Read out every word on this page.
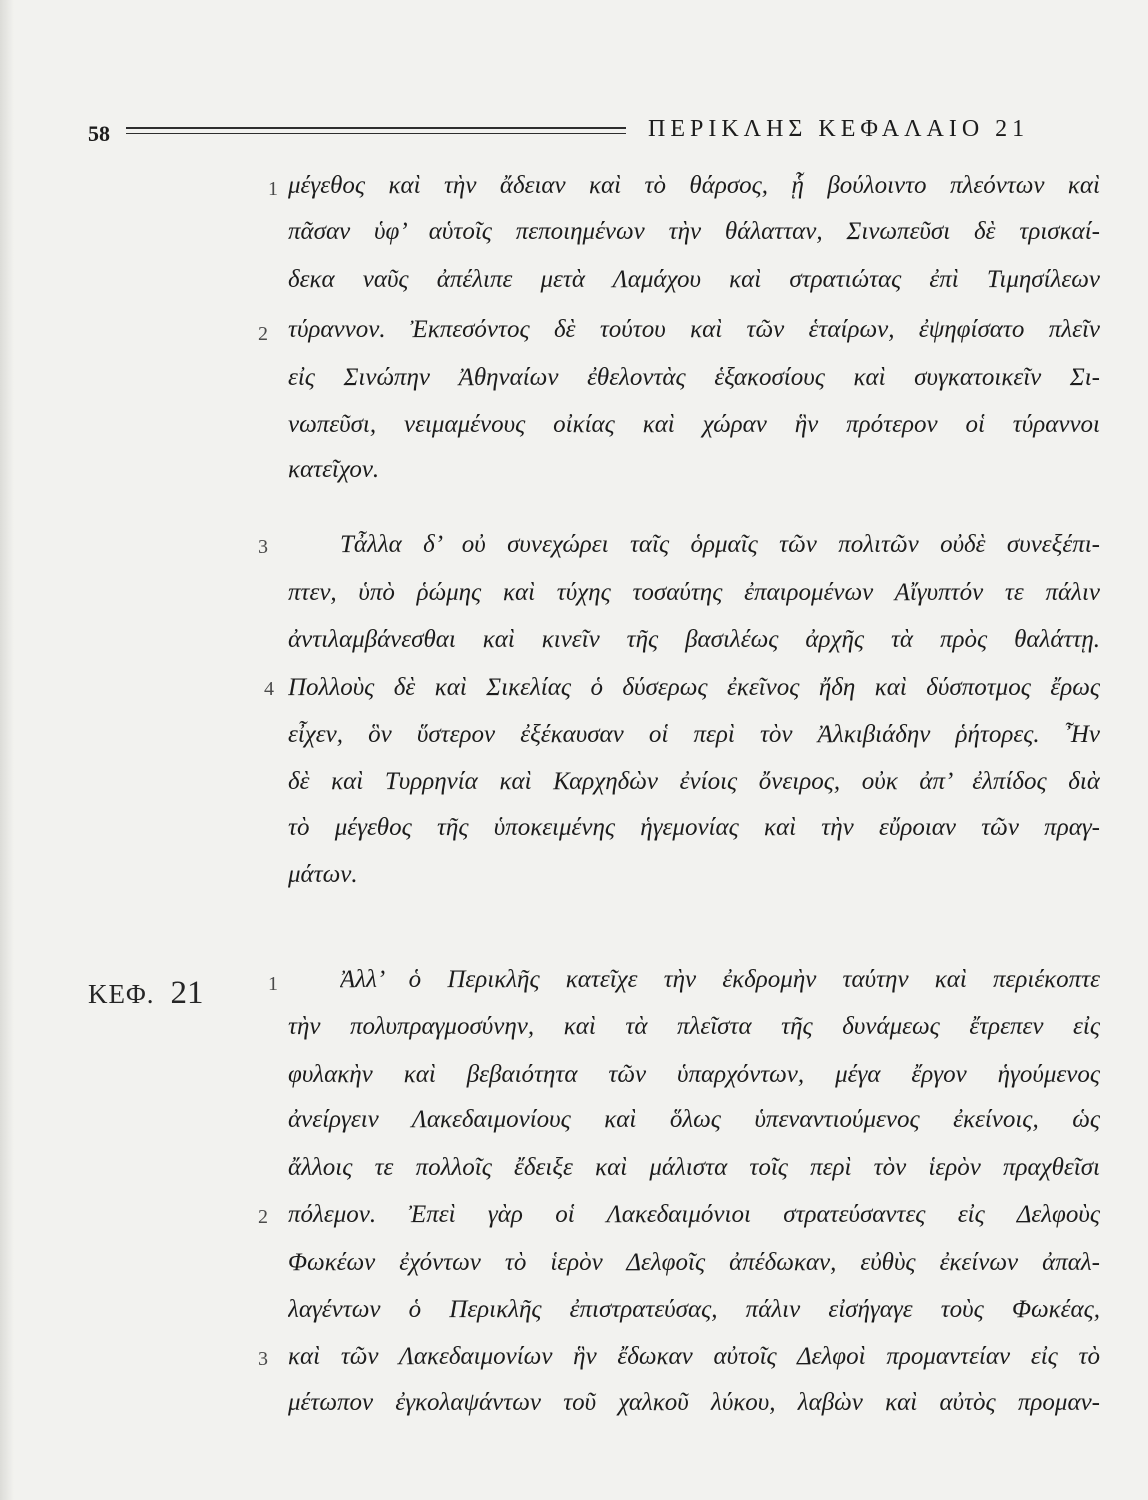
58	ΠΕΡΙΚΛΗΣ ΚΕΦΑΛΑΙΟ 21
ΚΕΦ. 21
1
2
3
4
1
2
3
μέγεθος καὶ τὴν ἄδειαν καὶ τὸ θάρσος, ᾗ βούλοιντο πλεόντων καὶ
πᾶσαν ὑφ’ αὑτοῖς πεποιημένων τὴν θάλατταν, Σινωπεῦσι δὲ τρισκαί-
δεκα ναῦς ἀπέλιπε μετὰ Λαμάχου καὶ στρατιώτας ἐπὶ Τιμησίλεων
τύραννον. Ἐκπεσόντος δὲ τούτου καὶ τῶν ἑταίρων, ἐψηφίσατο πλεῖν
εἰς Σινώπην Ἀθηναίων ἐθελοντὰς ἑξακοσίους καὶ συγκατοικεῖν Σι-
νωπεῦσι, νειμαμένους οἰκίας καὶ χώραν ἣν πρότερον οἱ τύραννοι
κατεῖχον.
Τἆλλα δ’ οὐ συνεχώρει ταῖς ὁρμαῖς τῶν πολιτῶν οὐδὲ συνεξέπι-
πτεν, ὑπὸ ῥώμης καὶ τύχης τοσαύτης ἐπαιρομένων Αἴγυπτόν τε πάλιν
ἀντιλαμβάνεσθαι καὶ κινεῖν τῆς βασιλέως ἀρχῆς τὰ πρὸς θαλάττῃ.
Πολλοὺς δὲ καὶ Σικελίας ὁ δύσερως ἐκεῖνος ἤδη καὶ δύσποτμος ἔρως
εἶχεν, ὃν ὕστερον ἐξέκαυσαν οἱ περὶ τὸν Ἀλκιβιάδην ῥήτορες. Ἦν
δὲ καὶ Τυρρηνία καὶ Καρχηδὼν ἐνίοις ὄνειρος, οὐκ ἀπ’ ἐλπίδος διὰ
τὸ μέγεθος τῆς ὑποκειμένης ἡγεμονίας καὶ τὴν εὔροιαν τῶν πραγ-
μάτων.
Ἀλλ’ ὁ Περικλῆς κατεῖχε τὴν ἐκδρομὴν ταύτην καὶ περιέκοπτε
τὴν πολυπραγμοσύνην, καὶ τὰ πλεῖστα τῆς δυνάμεως ἔτρεπεν εἰς
φυλακὴν καὶ βεβαιότητα τῶν ὑπαρχόντων, μέγα ἔργον ἡγούμενος
ἀνείργειν Λακεδαιμονίους καὶ ὅλως ὑπεναντιούμενος ἐκείνοις, ὡς
ἄλλοις τε πολλοῖς ἔδειξε καὶ μάλιστα τοῖς περὶ τὸν ἱερὸν πραχθεῖσι
πόλεμον. Ἐπεὶ γὰρ οἱ Λακεδαιμόνιοι στρατεύσαντες εἰς Δελφοὺς
Φωκέων ἐχόντων τὸ ἱερὸν Δελφοῖς ἀπέδωκαν, εὐθὺς ἐκείνων ἀπαλ-
λαγέντων ὁ Περικλῆς ἐπιστρατεύσας, πάλιν εἰσήγαγε τοὺς Φωκέας,
καὶ τῶν Λακεδαιμονίων ἣν ἔδωκαν αὐτοῖς Δελφοὶ προμαντείαν εἰς τὸ
μέτωπον ἐγκολαψάντων τοῦ χαλκοῦ λύκου, λαβὼν καὶ αὐτὸς προμαν-
